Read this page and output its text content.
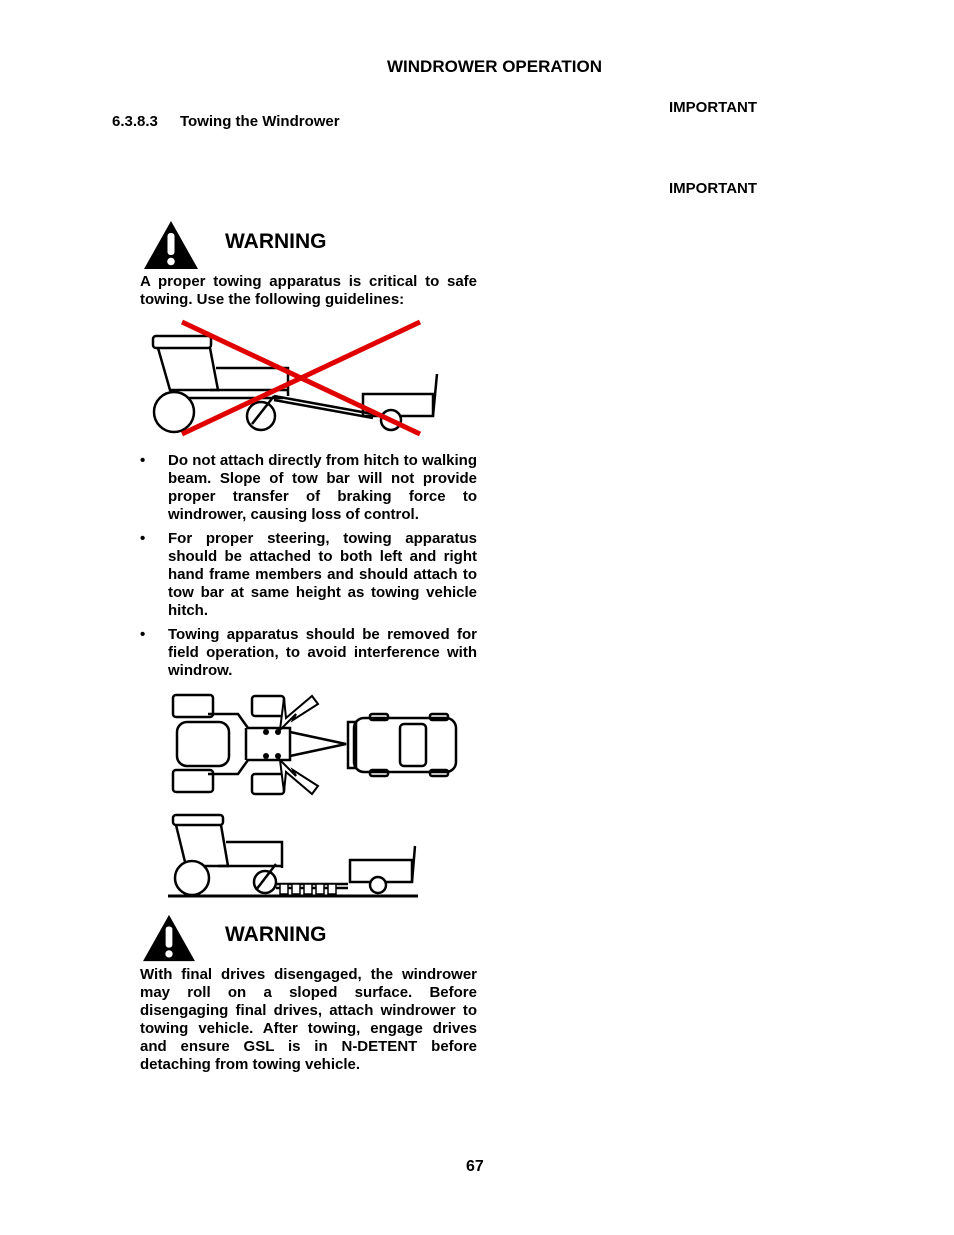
WINDROWER OPERATION
IMPORTANT
IMPORTANT
6.3.8.3 Towing the Windrower
WARNING
A proper towing apparatus is critical to safe towing. Use the following guidelines:
• Do not attach directly from hitch to walking beam. Slope of tow bar will not provide proper transfer of braking force to windrower, causing loss of control.
• For proper steering, towing apparatus should be attached to both left and right hand frame members and should attach to tow bar at same height as towing vehicle hitch.
• Towing apparatus should be removed for field operation, to avoid interference with windrow.
WARNING
With final drives disengaged, the windrower may roll on a sloped surface. Before disengaging final drives, attach windrower to towing vehicle. After towing, engage drives and ensure GSL is in N-DETENT before detaching from towing vehicle.
67
